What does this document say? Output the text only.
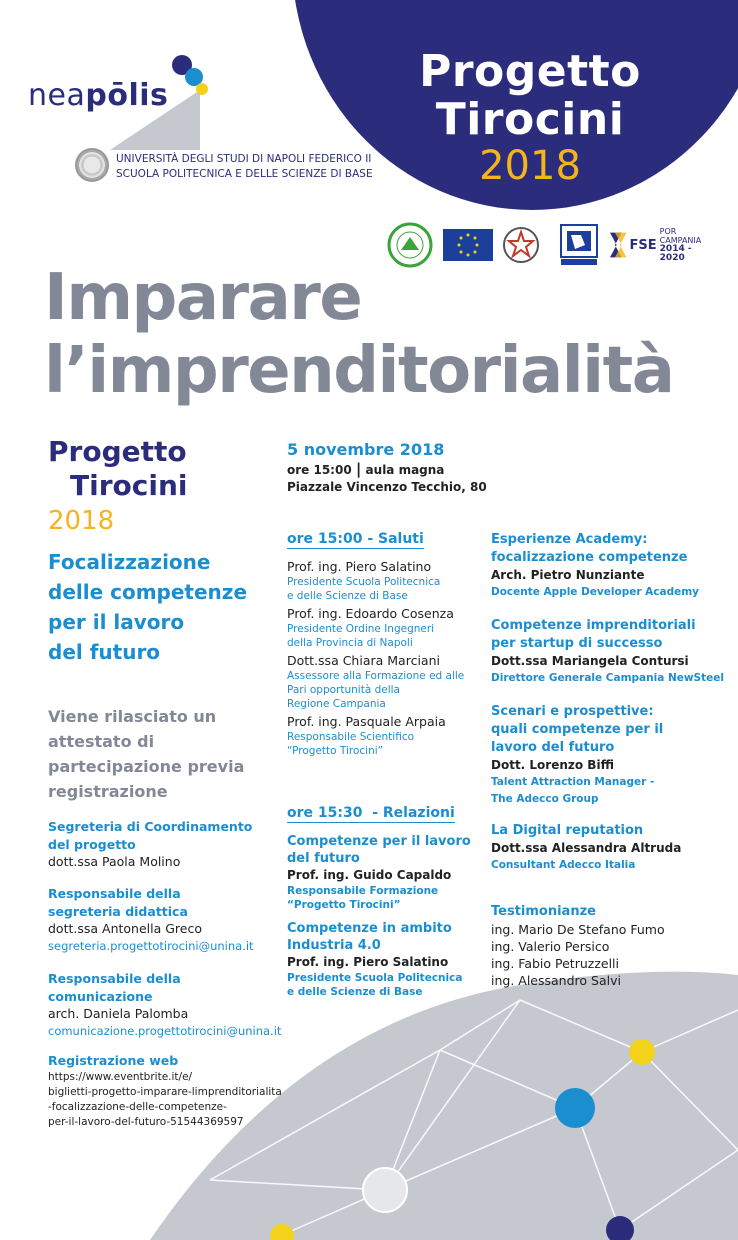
Progetto
Tirocini
2018
neapōlis
UNIVERSITÀ DEGLI STUDI DI NAPOLI FEDERICO II
SCUOLA POLITECNICA E DELLE SCIENZE DI BASE
FSE
POR CAMPANIA
2014 - 2020
Imparare
l’imprenditorialità
Progetto
Tirocini
2018
Focalizzazione
delle competenze
per il lavoro
del futuro
Viene rilasciato un
attestato di
partecipazione previa
registrazione
Segreteria di Coordinamento
del progetto
dott.ssa Paola Molino
Responsabile della
segreteria didattica
dott.ssa Antonella Greco
segreteria.progettotirocini@unina.it
Responsabile della
comunicazione
arch. Daniela Palomba
comunicazione.progettotirocini@unina.it
Registrazione web
https://www.eventbrite.it/e/
biglietti-progetto-imparare-limprenditorialita
-focalizzazione-delle-competenze-
per-il-lavoro-del-futuro-51544369597
5 novembre 2018
ore 15:00 | aula magna
Piazzale Vincenzo Tecchio, 80
ore 15:00 - Saluti
Prof. ing. Piero Salatino
Presidente Scuola Politecnica
e delle Scienze di Base
Prof. ing. Edoardo Cosenza
Presidente Ordine Ingegneri
della Provincia di Napoli
Dott.ssa Chiara Marciani
Assessore alla Formazione ed alle
Pari opportunità della
Regione Campania
Prof. ing. Pasquale Arpaia
Responsabile Scientifico
“Progetto Tirocini”
ore 15:30 - Relazioni
Competenze per il lavoro
del futuro
Prof. ing. Guido Capaldo
Responsabile Formazione
“Progetto Tirocini”
Competenze in ambito
Industria 4.0
Prof. ing. Piero Salatino
Presidente Scuola Politecnica
e delle Scienze di Base
Esperienze Academy:
focalizzazione competenze
Arch. Pietro Nunziante
Docente Apple Developer Academy
Competenze imprenditoriali
per startup di successo
Dott.ssa Mariangela Contursi
Direttore Generale Campania NewSteel
Scenari e prospettive:
quali competenze per il
lavoro del futuro
Dott. Lorenzo Biffi
Talent Attraction Manager -
The Adecco Group
La Digital reputation
Dott.ssa Alessandra Altruda
Consultant Adecco Italia
Testimonianze
ing. Mario De Stefano Fumo
ing. Valerio Persico
ing. Fabio Petruzzelli
ing. Alessandro Salvi
